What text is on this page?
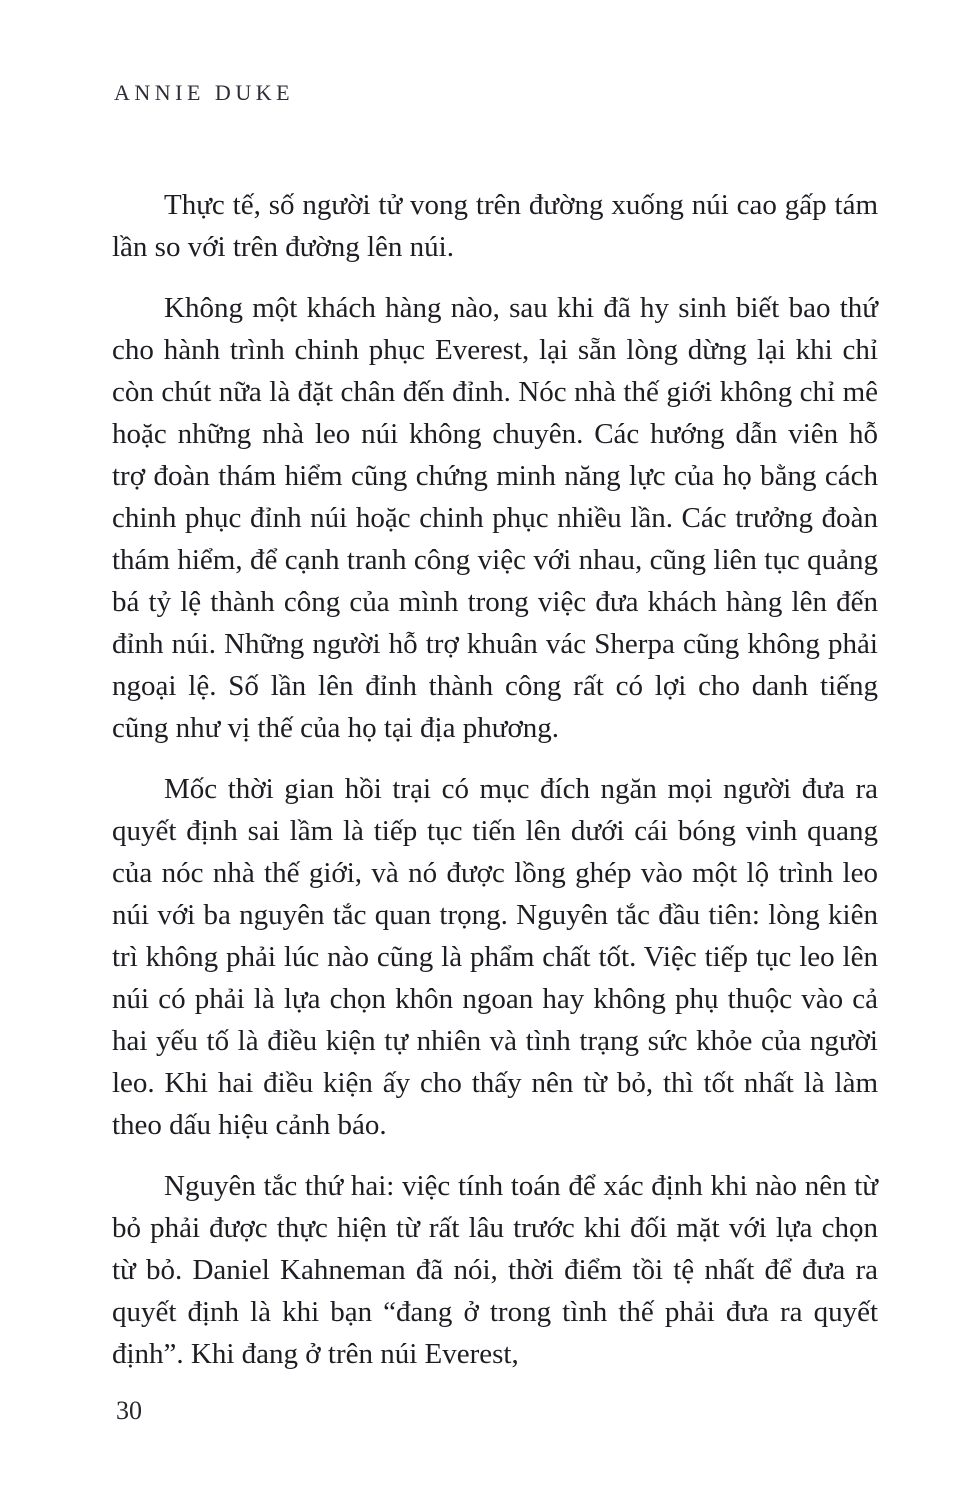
ANNIE DUKE

Thực tế, số người tử vong trên đường xuống núi cao gấp tám lần so với trên đường lên núi.

Không một khách hàng nào, sau khi đã hy sinh biết bao thứ cho hành trình chinh phục Everest, lại sẵn lòng dừng lại khi chỉ còn chút nữa là đặt chân đến đỉnh. Nóc nhà thế giới không chỉ mê hoặc những nhà leo núi không chuyên. Các hướng dẫn viên hỗ trợ đoàn thám hiểm cũng chứng minh năng lực của họ bằng cách chinh phục đỉnh núi hoặc chinh phục nhiều lần. Các trưởng đoàn thám hiểm, để cạnh tranh công việc với nhau, cũng liên tục quảng bá tỷ lệ thành công của mình trong việc đưa khách hàng lên đến đỉnh núi. Những người hỗ trợ khuân vác Sherpa cũng không phải ngoại lệ. Số lần lên đỉnh thành công rất có lợi cho danh tiếng cũng như vị thế của họ tại địa phương.

Mốc thời gian hồi trại có mục đích ngăn mọi người đưa ra quyết định sai lầm là tiếp tục tiến lên dưới cái bóng vinh quang của nóc nhà thế giới, và nó được lồng ghép vào một lộ trình leo núi với ba nguyên tắc quan trọng. Nguyên tắc đầu tiên: lòng kiên trì không phải lúc nào cũng là phẩm chất tốt. Việc tiếp tục leo lên núi có phải là lựa chọn khôn ngoan hay không phụ thuộc vào cả hai yếu tố là điều kiện tự nhiên và tình trạng sức khỏe của người leo. Khi hai điều kiện ấy cho thấy nên từ bỏ, thì tốt nhất là làm theo dấu hiệu cảnh báo.

Nguyên tắc thứ hai: việc tính toán để xác định khi nào nên từ bỏ phải được thực hiện từ rất lâu trước khi đối mặt với lựa chọn từ bỏ. Daniel Kahneman đã nói, thời điểm tồi tệ nhất để đưa ra quyết định là khi bạn “đang ở trong tình thế phải đưa ra quyết định”. Khi đang ở trên núi Everest,

30
